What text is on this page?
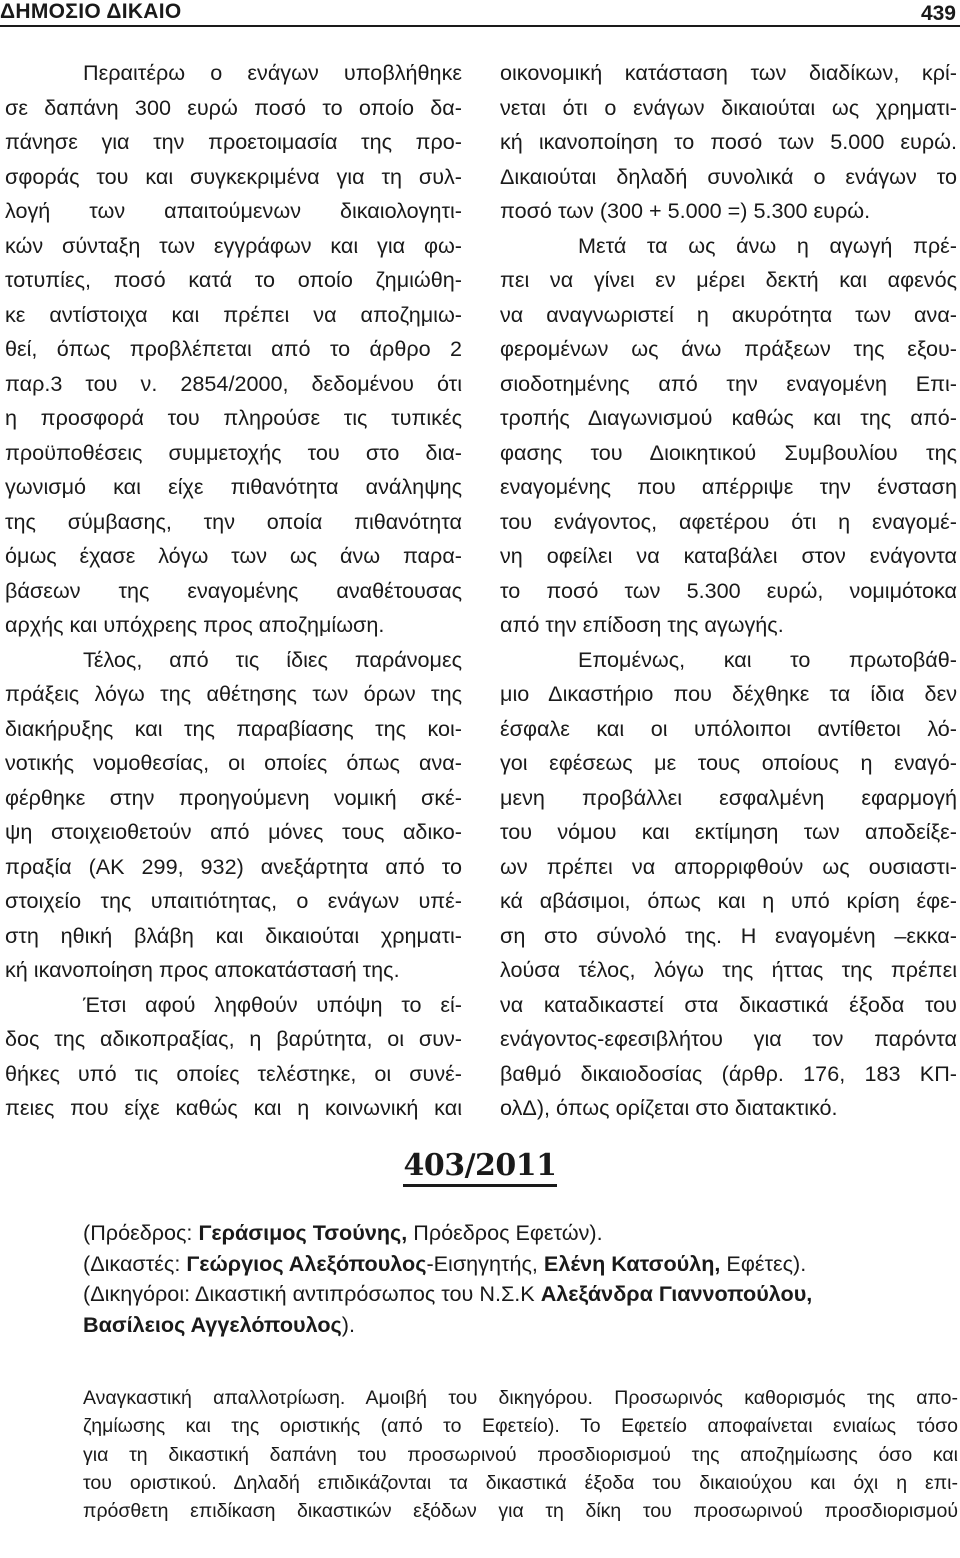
ΔΗΜΟΣΙΟ ΔΙΚΑΙΟ	439
Περαιτέρω ο ενάγων υποβλήθηκε
σε δαπάνη 300 ευρώ ποσό το οποίο δα-
πάνησε για την προετοιμασία της προ-
σφοράς του και συγκεκριμένα για τη συλ-
λογή των απαιτούμενων δικαιολογητι-
κών σύνταξη των εγγράφων και για φω-
τοτυπίες, ποσό κατά το οποίο ζημιώθη-
κε αντίστοιχα και πρέπει να αποζημιω-
θεί, όπως προβλέπεται από το άρθρο 2
παρ.3 του ν. 2854/2000, δεδομένου ότι
η προσφορά του πληρούσε τις τυπικές
προϋποθέσεις συμμετοχής του στο δια-
γωνισμό και είχε πιθανότητα ανάληψης
της σύμβασης, την οποία πιθανότητα
όμως έχασε λόγω των ως άνω παρα-
βάσεων της εναγομένης αναθέτουσας
αρχής και υπόχρεης προς αποζημίωση.
Τέλος, από τις ίδιες παράνομες
πράξεις λόγω της αθέτησης των όρων της
διακήρυξης και της παραβίασης της κοι-
νοτικής νομοθεσίας, οι οποίες όπως ανα-
φέρθηκε στην προηγούμενη νομική σκέ-
ψη στοιχειοθετούν από μόνες τους αδικο-
πραξία (ΑΚ 299, 932) ανεξάρτητα από το
στοιχείο της υπαιτιότητας, ο ενάγων υπέ-
στη ηθική βλάβη και δικαιούται χρηματι-
κή ικανοποίηση προς αποκατάστασή της.
Έτσι αφού ληφθούν υπόψη το εί-
δος της αδικοπραξίας, η βαρύτητα, οι συν-
θήκες υπό τις οποίες τελέστηκε, οι συνέ-
πειες που είχε καθώς και η κοινωνική και
οικονομική κατάσταση των διαδίκων, κρί-
νεται ότι ο ενάγων δικαιούται ως χρηματι-
κή ικανοποίηση το ποσό των 5.000 ευρώ.
Δικαιούται δηλαδή συνολικά ο ενάγων το
ποσό των (300 + 5.000 =) 5.300 ευρώ.
Μετά τα ως άνω η αγωγή πρέ-
πει να γίνει εν μέρει δεκτή και αφενός
να αναγνωριστεί η ακυρότητα των ανα-
φερομένων ως άνω πράξεων της εξου-
σιοδοτημένης από την εναγομένη Επι-
τροπής Διαγωνισμού καθώς και της από-
φασης του Διοικητικού Συμβουλίου της
εναγομένης που απέρριψε την ένσταση
του ενάγοντος, αφετέρου ότι η εναγομέ-
νη οφείλει να καταβάλει στον ενάγοντα
το ποσό των 5.300 ευρώ, νομιμότοκα
από την επίδοση της αγωγής.
Επομένως, και το πρωτοβάθ-
μιο Δικαστήριο που δέχθηκε τα ίδια δεν
έσφαλε και οι υπόλοιποι αντίθετοι λό-
γοι εφέσεως με τους οποίους η εναγό-
μενη προβάλλει εσφαλμένη εφαρμογή
του νόμου και εκτίμηση των αποδείξε-
ων πρέπει να απορριφθούν ως ουσιαστι-
κά αβάσιμοι, όπως και η υπό κρίση έφε-
ση στο σύνολό της. Η εναγομένη –εκκα-
λούσα τέλος, λόγω της ήττας της πρέπει
να καταδικαστεί στα δικαστικά έξοδα του
ενάγοντος-εφεσιβλήτου για τον παρόντα
βαθμό δικαιοδοσίας (άρθρ. 176, 183 ΚΠ-
ολΔ), όπως ορίζεται στο διατακτικό.
403/2011
(Πρόεδρος: Γεράσιμος Τσούνης, Πρόεδρος Εφετών).
(Δικαστές: Γεώργιος Αλεξόπουλος-Εισηγητής, Ελένη Κατσούλη, Εφέτες).
(Δικηγόροι: Δικαστική αντιπρόσωπος του Ν.Σ.Κ Αλεξάνδρα Γιαννοπούλου,
Βασίλειος Αγγελόπουλος).
Αναγκαστική απαλλοτρίωση. Αμοιβή του δικηγόρου. Προσωρινός καθορισμός της απο-
ζημίωσης και της οριστικής (από το Εφετείο). Το Εφετείο αποφαίνεται ενιαίως τόσο
για τη δικαστική δαπάνη του προσωρινού προσδιορισμού της αποζημίωσης όσο και
του οριστικού. Δηλαδή επιδικάζονται τα δικαστικά έξοδα του δικαιούχου και όχι η επι-
πρόσθετη επιδίκαση δικαστικών εξόδων για τη δίκη του προσωρινού προσδιορισμού
